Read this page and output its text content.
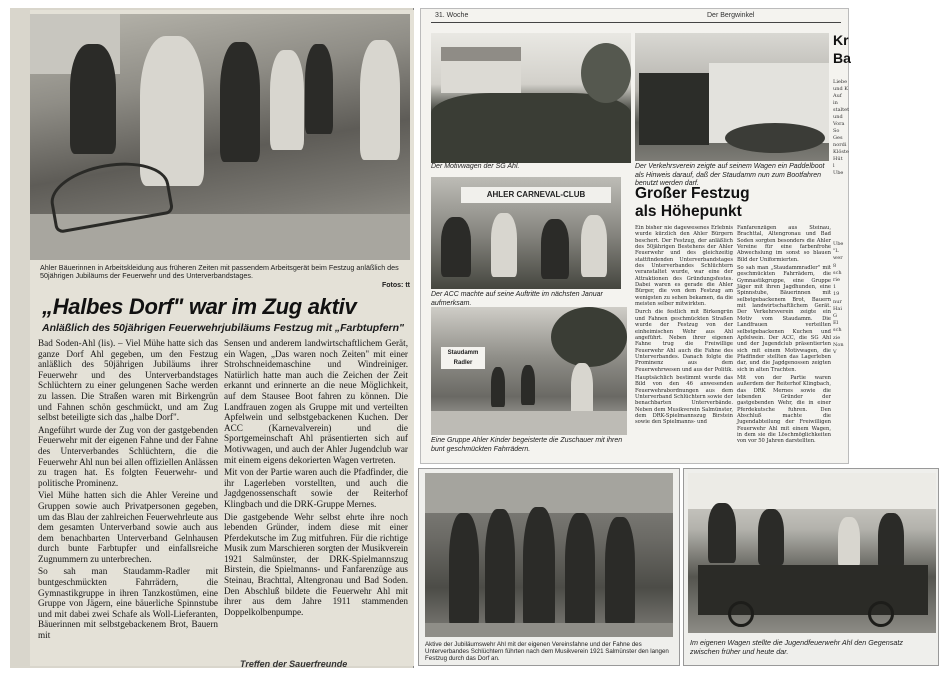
Ahler Bäuerinnen in Arbeitskleidung aus früheren Zeiten mit passendem Arbeitsgerät beim Festzug anläßlich des 50jährigen Jubiläums der Feuerwehr und des Unterverbandstages.
Fotos: tt
„Halbes Dorf" war im Zug aktiv
Anläßlich des 50jährigen Feuerwehrjubiläums Festzug mit „Farbtupfern"

Bad Soden-Ahl (lis). – Viel Mühe hatte sich das ganze Dorf Ahl gegeben, um den Festzug anläßlich des 50jährigen Jubiläums ihrer Feuerwehr und des Unterverbandstages Schlüchtern zu einer gelungenen Sache werden zu lassen. Die Straßen waren mit Birkengrün und Fahnen schön geschmückt, und am Zug selbst beteiligte sich das „halbe Dorf".

Angeführt wurde der Zug von der gastgebenden Feuerwehr mit der eigenen Fahne und der Fahne des Unterverbandes Schlüchtern, die die Feuerwehr Ahl nun bei allen offiziellen Anlässen zu tragen hat. Es folgten Feuerwehr- und politische Prominenz.

Viel Mühe hatten sich die Ahler Vereine und Gruppen sowie auch Privatpersonen gegeben, um das Blau der zahlreichen Feuerwehrleute aus dem gesamten Unterverband sowie auch aus dem benachbarten Unterverband Gelnhausen durch bunte Farbtupfer und einfallsreiche Zugnummern zu unterbrechen.

So sah man Staudamm-Radler mit buntgeschmückten Fahrrädern, die Gymnastikgruppe in ihren Tanzkostümen, eine Gruppe von Jägern, eine bäuerliche Spinnstube und mit dabei zwei Schafe als Woll-Lieferanten, Bäuerinnen mit selbstgebackenem Brot, Bauern mit

Sensen und anderem landwirtschaftlichem Gerät, ein Wagen, „Das waren noch Zeiten" mit einer Strohschneidemaschine und Windreiniger. Natürlich hatte man auch die Zeichen der Zeit erkannt und erinnerte an die neue Möglichkeit, auf dem Stausee Boot fahren zu können. Die Landfrauen zogen als Gruppe mit und verteilten Apfelwein und selbstgebackenen Kuchen. Der ACC (Karnevalverein) und die Sportgemeinschaft Ahl präsentierten sich auf Motivwagen, und auch der Ahler Jugendclub war mit einem eigens dekorierten Wagen vertreten.

Mit von der Partie waren auch die Pfadfinder, die ihr Lagerleben vorstellten, und auch die Jagdgenossenschaft sowie der Reiterhof Klingbach und die DRK-Gruppe Mernes.

Die gastgebende Wehr selbst ehrte ihre noch lebenden Gründer, indem diese mit einer Pferdekutsche im Zug mitfuhren. Für die richtige Musik zum Marschieren sorgten der Musikverein 1921 Salmünster, der DRK-Spielmannszug Birstein, die Spielmanns- und Fanfarenzüge aus Steinau, Brachttal, Altengronau und Bad Soden. Den Abschluß bildete die Feuerwehr Ahl mit ihrer aus dem Jahre 1911 stammenden Doppelkolbenpumpe.

Treffen der Sauerfreunde
31. Woche	Der Bergwinkel
Der Motivwagen der SG Ahl.	Der Verkehrsverein zeigte auf seinem Wagen ein Paddelboot als Hinweis darauf, daß der Staudamm nun zum Bootfahren benutzt werden darf.
AHLER CARNEVAL-CLUB
Der ACC machte auf seine Auftritte im nächsten Januar aufmerksam.
Großer Festzug
als Höhepunkt

Ein bisher nie dagewesenes Erlebnis wurde kürzlich den Ahler Bürgern beschert. Der Festzug, der anläßlich des 50jährigen Bestehens der Ahler Feuerwehr und des gleichzeitig stattfindenden Unterverbandstages des Unterverbandes Schlüchtern veranstaltet wurde, war eine der Attraktionen des Gründungsfestes. Dabei waren es gerade die Ahler Bürger, die von dem Festzug am wenigsten zu sehen bekamen, da die meisten selber mitwirkten.

Durch die festlich mit Birkengrün und Fahnen geschmückten Straßen wurde der Festzug von der einheimischen Wehr aus Ahl angeführt. Neben ihrer eigenen Fahne trug die Freiwillige Feuerwehr Ahl auch die Fahne des Unterverbandes. Danach folgte die Prominenz aus dem Feuerwehrwesen und aus der Politik.

Hauptsächlich bestimmt wurde das Bild von den 46 anwesenden Feuerwehrabordnungen aus dem Unterverband Schlüchtern sowie der benachbarten Unterverbände. Neben dem Musikverein Salmünster, dem DRK-Spielmannszug Birstein sowie den Spielmanns- und

Fanfarenzügen aus Steinau, Brachttal, Altengronau und Bad Soden sorgten besonders die Ahler Vereine für eine farbenfrohe Abwechslung im sonst so blauen Bild der Uniformierten.

So sah man „Staudammradler" mit geschmückten Fahrrädern, die Gymnastikgruppe, eine Gruppe Jäger mit ihren Jagdhunden, eine Spinnstube, Bäuerinnen mit selbstgebackenem Brot, Bauern mit landwirtschaftlichem Gerät. Der Verkehrsverein zeigte ein Motiv vom Staudamm. Die Landfrauen verteilten selbstgebackenen Kuchen und Apfelwein. Der ACC, die SG Ahl und der Jugendclub präsentierten sich mit einem Motivwagen, die Pfadfinder stellten das Lagerleben dar, und die Jagdgenossen zeigten sich in alten Trachten.

Mit von der Partie waren außerdem der Reiterhof Klingbach, das DRK Mernes sowie die lebenden Gründer der gastgebenden Wehr, die in einer Pferdekutsche fuhren. Den Abschluß machte die Jugendabteilung der Freiwilligen Feuerwehr Ahl mit einem Wagen, in dem sie die Löschmöglichkeiten von vor 50 Jahren darstellten.

Staudamm Radler
Eine Gruppe Ahler Kinder begeisterte die Zuschauer mit ihren bunt geschmückten Fahrrädern.
Kr
Ba
Liebe
und K
Auf
in
staltet
und
Vora
So
Ges
nordi
Klöste
Hüt
l
Ube
Ube
"L
wer
8
sch
rie
1
19
nur
Hai
G
El
sch
zie
Non
V
Aktive der Jubiläumswehr Ahl mit der eigenen Vereinsfahne und der Fahne des Unterverbandes Schlüchtern führten nach dem Musikverein 1921 Salmünster den langen Festzug durch das Dorf an.
Im eigenen Wagen stellte die Jugendfeuerwehr Ahl den Gegensatz zwischen früher und heute dar.
